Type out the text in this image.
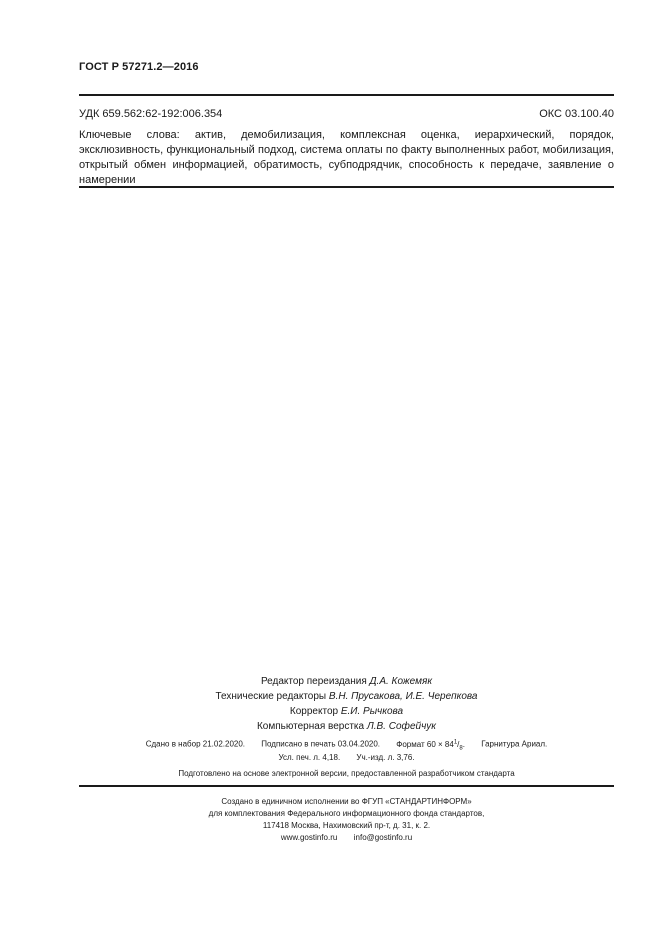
ГОСТ Р 57271.2—2016
УДК 659.562:62-192:006.354	ОКС 03.100.40
Ключевые слова: актив, демобилизация, комплексная оценка, иерархический, порядок, эксклюзивность, функциональный подход, система оплаты по факту выполненных работ, мобилизация, открытый обмен информацией, обратимость, субподрядчик, способность к передаче, заявление о намерении
Редактор переиздания Д.А. Кожемяк
Технические редакторы В.Н. Прусакова, И.Е. Черепкова
Корректор Е.И. Рычкова
Компьютерная верстка Л.В. Софейчук
Сдано в набор 21.02.2020. Подписано в печать 03.04.2020. Формат $60 \times 84^1/_8$. Гарнитура Ариал.
Усл. печ. л. 4,18. Уч.-изд. л. 3,76.
Подготовлено на основе электронной версии, предоставленной разработчиком стандарта
Создано в единичном исполнении во ФГУП «СТАНДАРТИНФОРМ»
для комплектования Федерального информационного фонда стандартов,
117418 Москва, Нахимовский пр-т, д. 31, к. 2.
www.gostinfo.ru info@gostinfo.ru
